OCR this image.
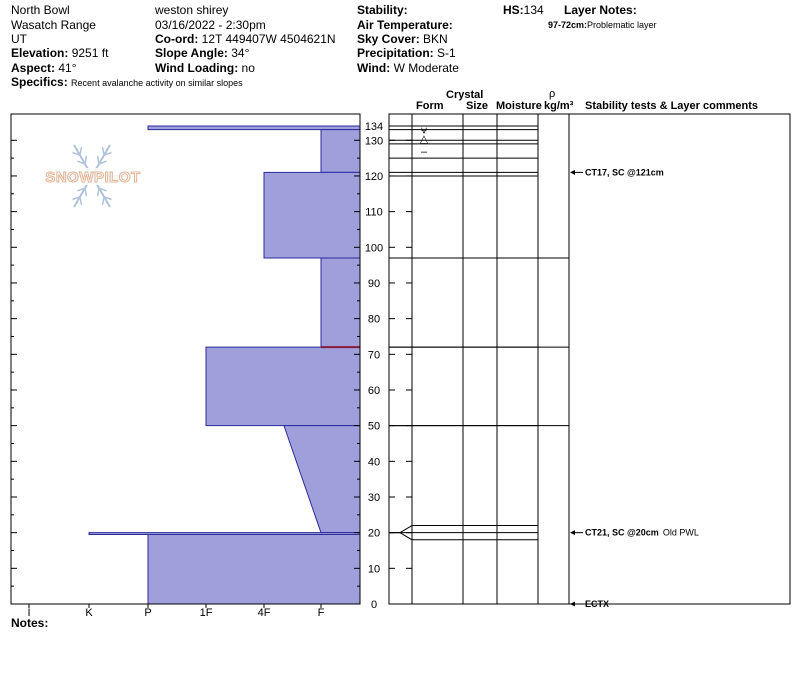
SNOWPILOT
I	K	P	1F	4F	F
0
10
20
30
40
50
60
70
80
90
100
110
120
130
134	⩝
△
–
CT17, SC @121cm
CT21, SC @20cm Old PWL
ECTX
North Bowl
Wasatch Range
UT
Elevation: 9251 ft
Aspect: 41°
Specifics: Recent avalanche activity on similar slopes
weston shirey
03/16/2022 - 2:30pm
Co-ord: 12T 449407W 4504621N
Slope Angle: 34°
Wind Loading: no
Stability:
Air Temperature:
Sky Cover: BKN
Precipitation: S-1
Wind: W Moderate
HS:134 Layer Notes:
97-72cm:Problematic layer
Crystal
Form Size Moisture
ρ
kg/m³ Stability tests & Layer comments
Notes:
